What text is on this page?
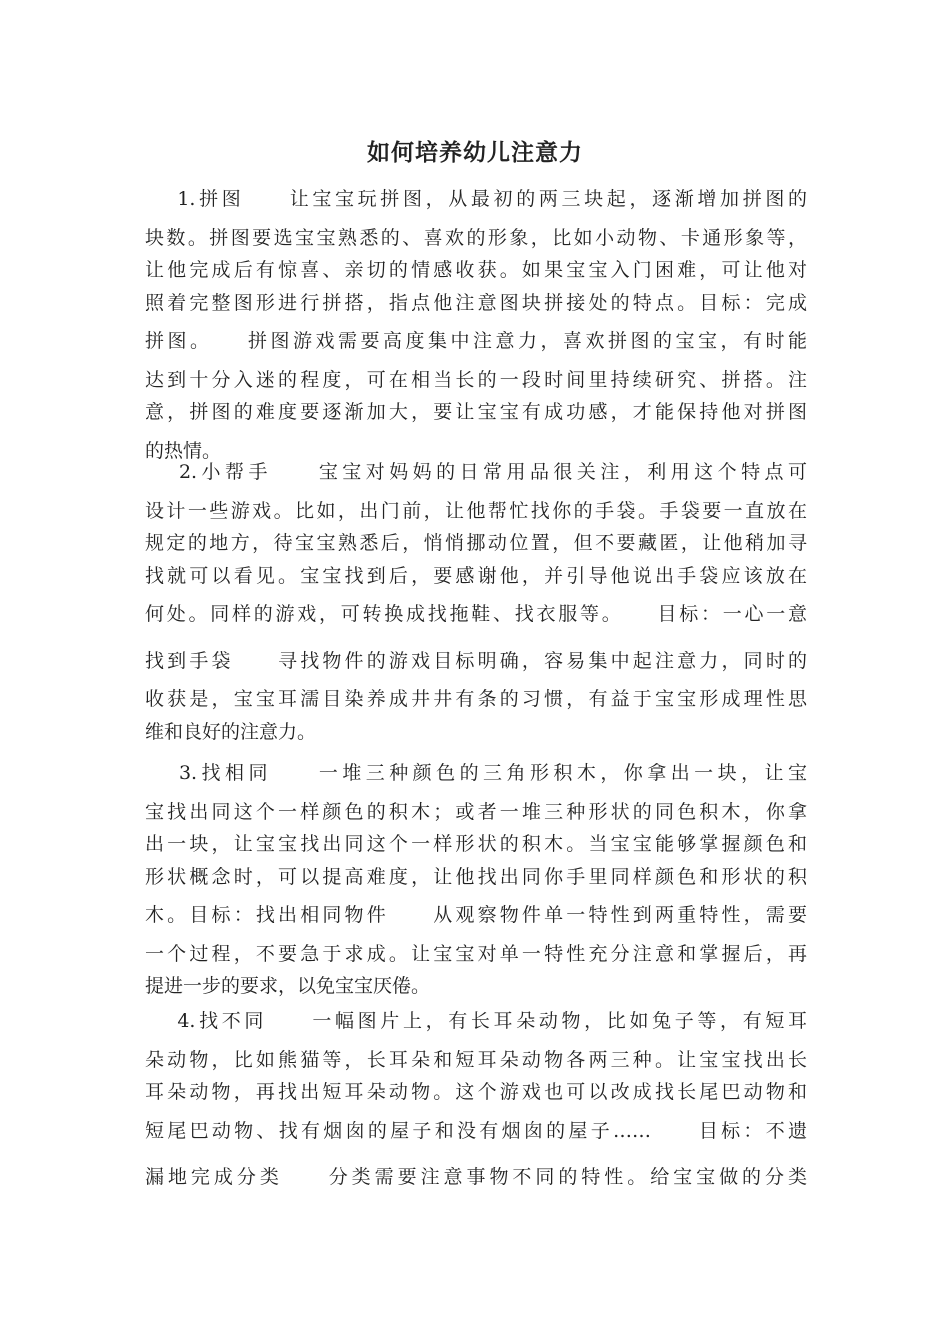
如何培养幼儿注意力
　 1.拼图　　让宝宝玩拼图，从最初的两三块起，逐渐增加拼图的
块数。拼图要选宝宝熟悉的、喜欢的形象，比如小动物、卡通形象等，
让他完成后有惊喜、亲切的情感收获。如果宝宝入门困难，可让他对
照着完整图形进行拼搭，指点他注意图块拼接处的特点。目标：完成
拼图。　　拼图游戏需要高度集中注意力，喜欢拼图的宝宝，有时能
达到十分入迷的程度，可在相当长的一段时间里持续研究、拼搭。注
意，拼图的难度要逐渐加大，要让宝宝有成功感，才能保持他对拼图
的热情。
　 2.小帮手　　宝宝对妈妈的日常用品很关注，利用这个特点可
设计一些游戏。比如，出门前，让他帮忙找你的手袋。手袋要一直放在
规定的地方，待宝宝熟悉后，悄悄挪动位置，但不要藏匿，让他稍加寻
找就可以看见。宝宝找到后，要感谢他，并引导他说出手袋应该放在
何处。同样的游戏，可转换成找拖鞋、找衣服等。　　目标：一心一意
找到手袋　　寻找物件的游戏目标明确，容易集中起注意力，同时的
收获是，宝宝耳濡目染养成井井有条的习惯，有益于宝宝形成理性思
维和良好的注意力。
　 3.找相同　　一堆三种颜色的三角形积木，你拿出一块，让宝
宝找出同这个一样颜色的积木；或者一堆三种形状的同色积木，你拿
出一块，让宝宝找出同这个一样形状的积木。当宝宝能够掌握颜色和
形状概念时，可以提高难度，让他找出同你手里同样颜色和形状的积
木。目标：找出相同物件　　从观察物件单一特性到两重特性，需要
一个过程，不要急于求成。让宝宝对单一特性充分注意和掌握后，再
提进一步的要求，以免宝宝厌倦。
　 4.找不同　　一幅图片上，有长耳朵动物，比如兔子等，有短耳
朵动物，比如熊猫等，长耳朵和短耳朵动物各两三种。让宝宝找出长
耳朵动物，再找出短耳朵动物。这个游戏也可以改成找长尾巴动物和
短尾巴动物、找有烟囱的屋子和没有烟囱的屋子……　　目标：不遗
漏地完成分类　　分类需要注意事物不同的特性。给宝宝做的分类
